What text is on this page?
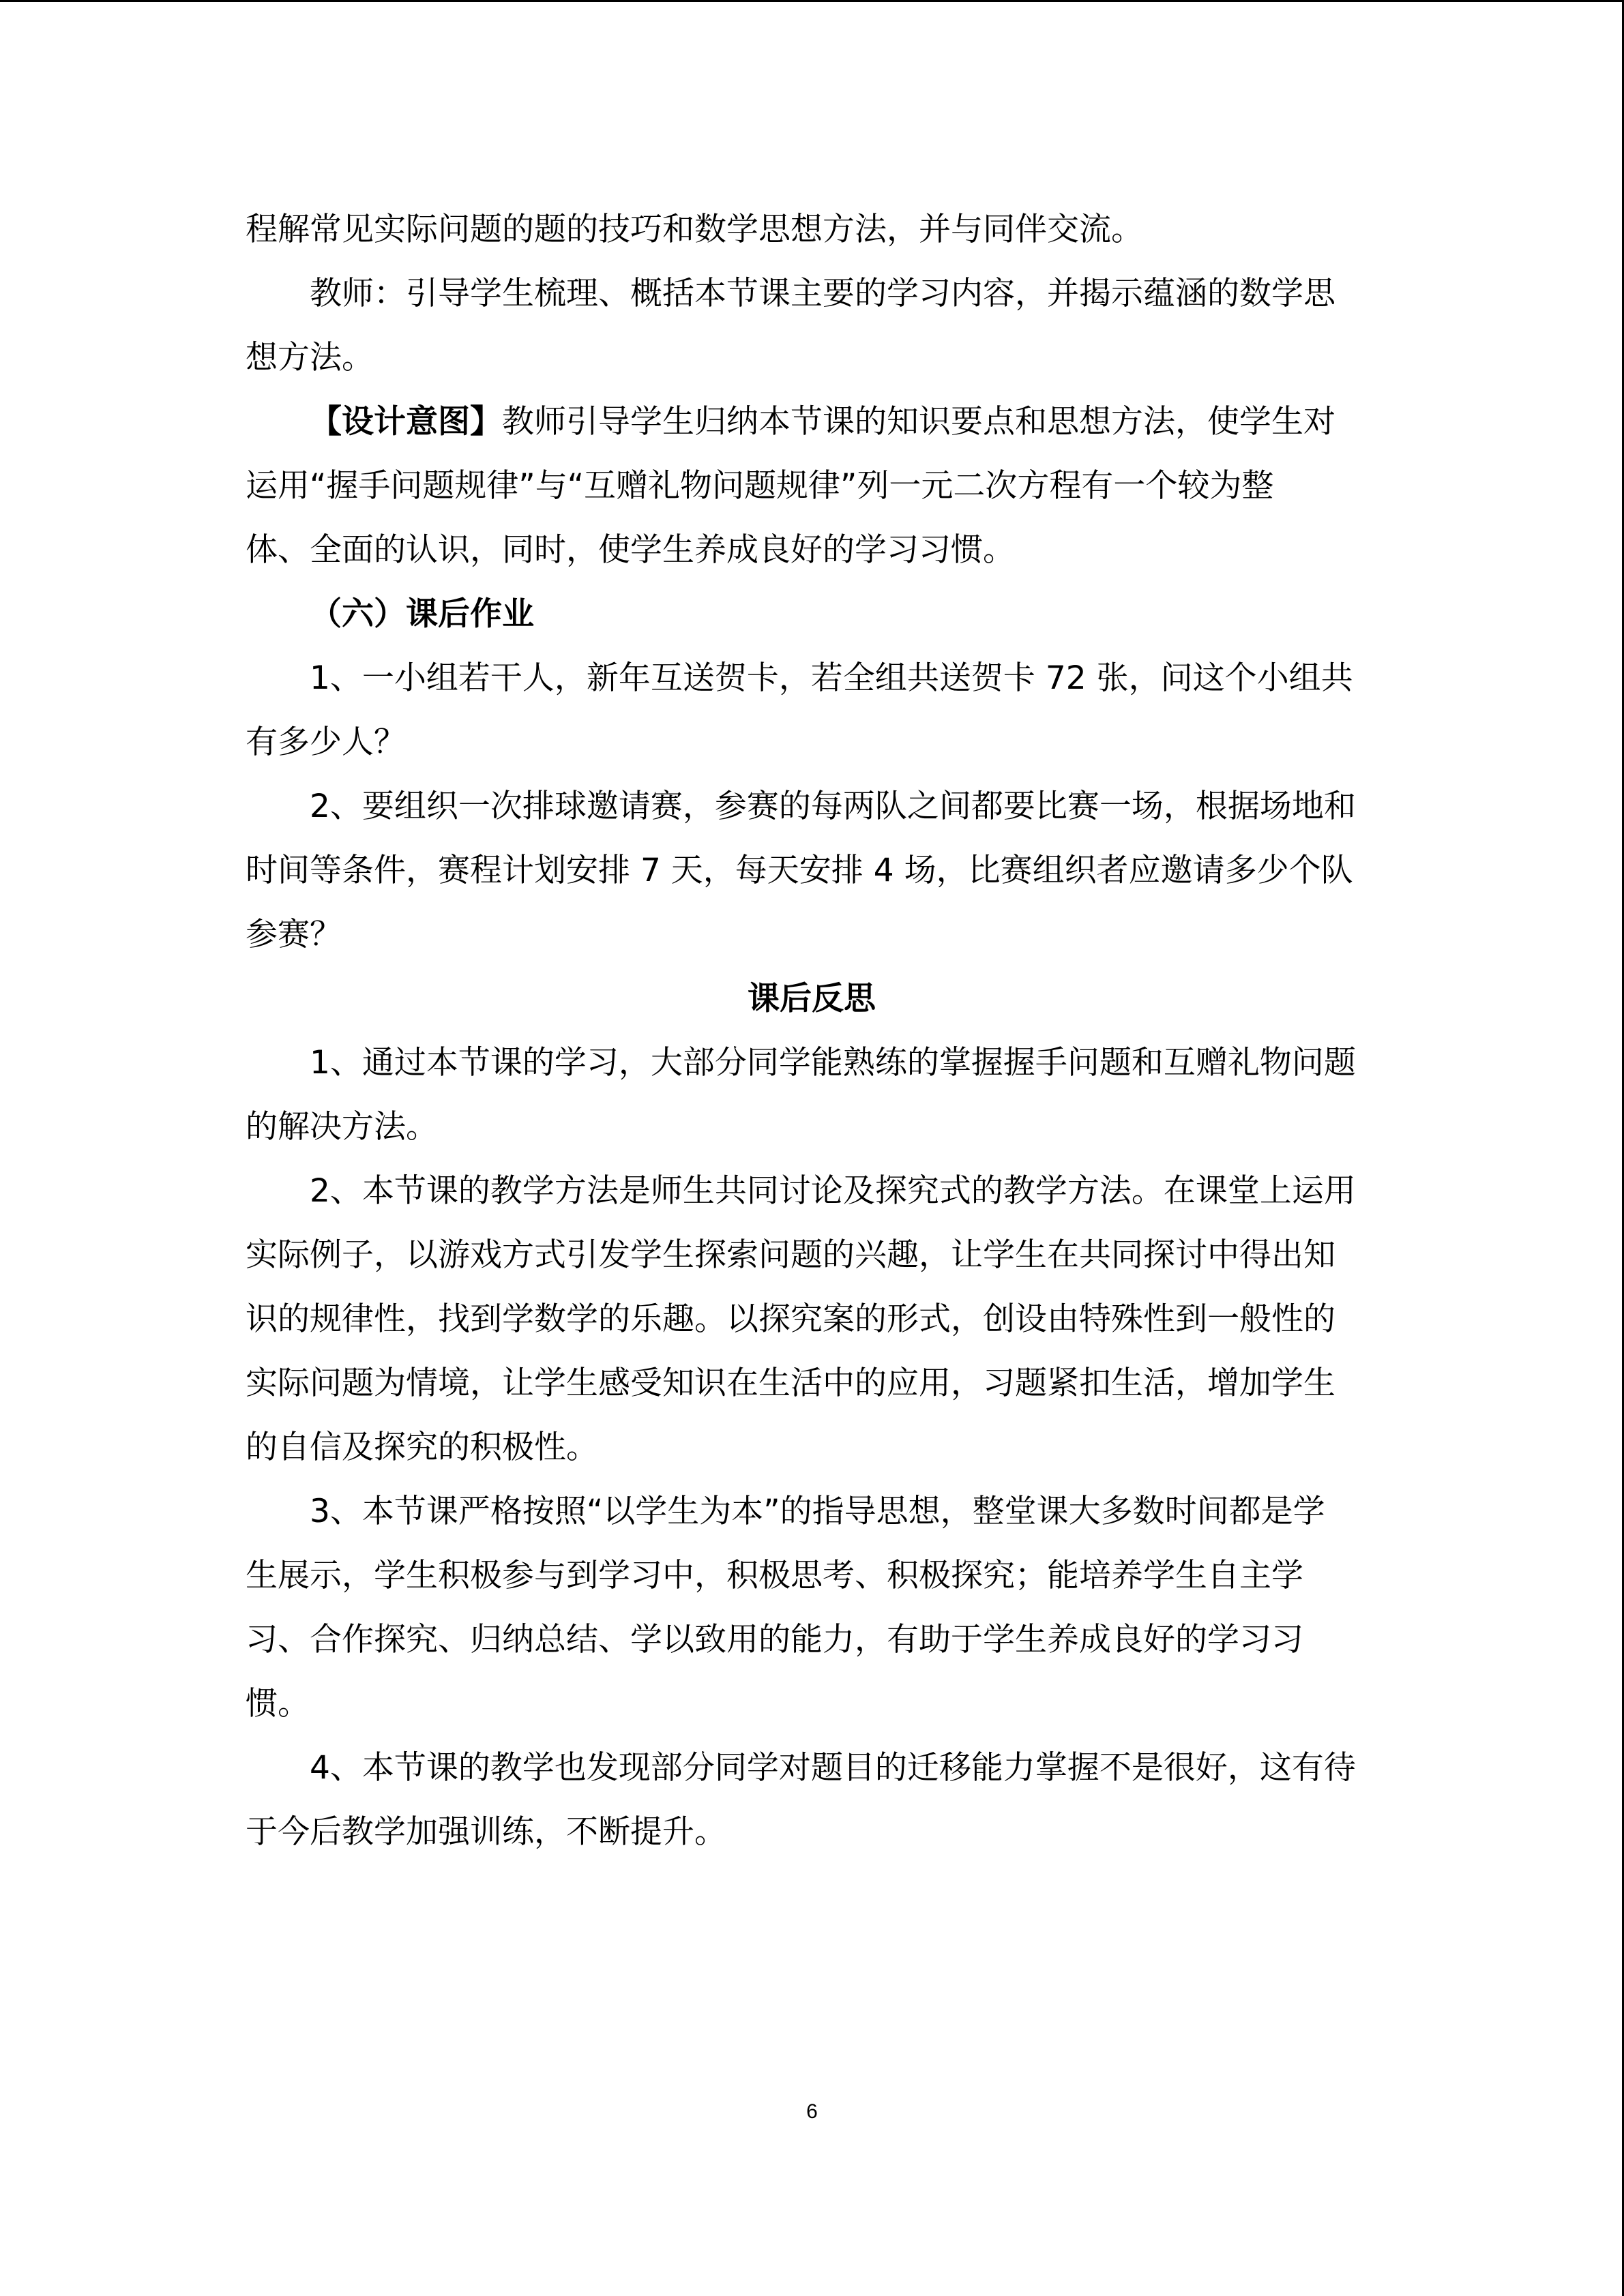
程解常见实际问题的题的技巧和数学思想方法，并与同伴交流。
教师：引导学生梳理、概括本节课主要的学习内容，并揭示蕴涵的数学思
想方法。
【设计意图】教师引导学生归纳本节课的知识要点和思想方法，使学生对
运用“握手问题规律”与“互赠礼物问题规律”列一元二次方程有一个较为整
体、全面的认识，同时，使学生养成良好的学习习惯。
（六）课后作业
1、一小组若干人，新年互送贺卡，若全组共送贺卡 72 张，问这个小组共
有多少人？
2、要组织一次排球邀请赛，参赛的每两队之间都要比赛一场，根据场地和
时间等条件，赛程计划安排 7 天，每天安排 4 场，比赛组织者应邀请多少个队
参赛？
课后反思
1、通过本节课的学习，大部分同学能熟练的掌握握手问题和互赠礼物问题
的解决方法。
2、本节课的教学方法是师生共同讨论及探究式的教学方法。在课堂上运用
实际例子，以游戏方式引发学生探索问题的兴趣，让学生在共同探讨中得出知
识的规律性，找到学数学的乐趣。以探究案的形式，创设由特殊性到一般性的
实际问题为情境，让学生感受知识在生活中的应用，习题紧扣生活，增加学生
的自信及探究的积极性。
3、本节课严格按照“以学生为本”的指导思想，整堂课大多数时间都是学
生展示，学生积极参与到学习中，积极思考、积极探究；能培养学生自主学
习、合作探究、归纳总结、学以致用的能力，有助于学生养成良好的学习习
惯。
4、本节课的教学也发现部分同学对题目的迁移能力掌握不是很好，这有待
于今后教学加强训练，不断提升。
6
